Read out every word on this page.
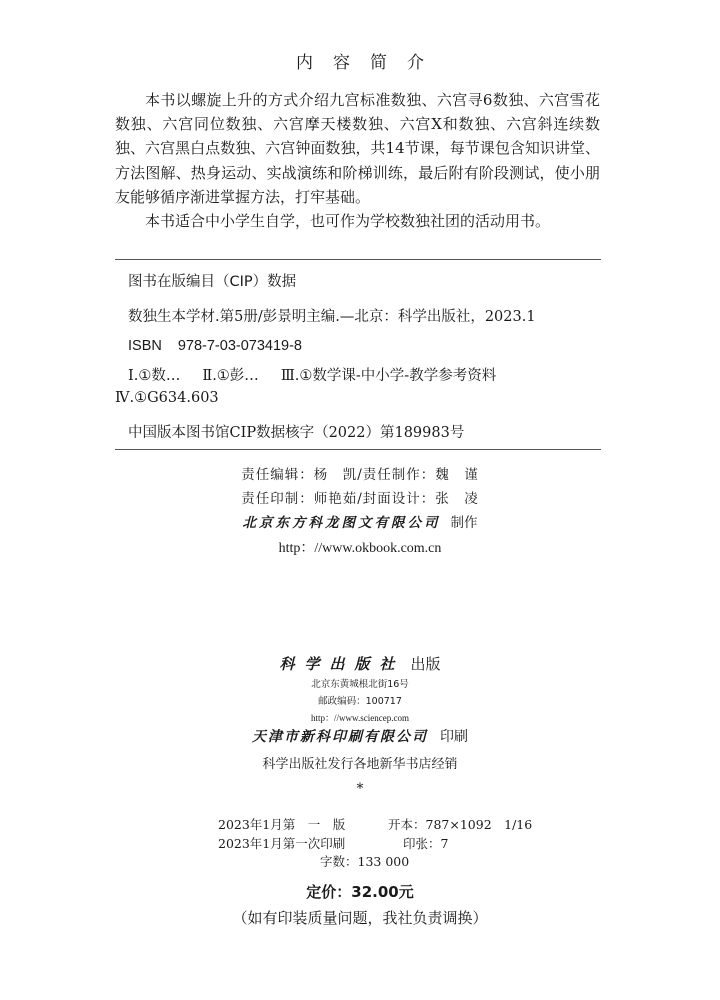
内容简介

本书以螺旋上升的方式介绍九宫标准数独、六宫寻6数独、六宫雪花数独、六宫同位数独、六宫摩天楼数独、六宫X和数独、六宫斜连续数独、六宫黑白点数独、六宫钟面数独，共14节课，每节课包含知识讲堂、方法图解、热身运动、实战演练和阶梯训练，最后附有阶段测试，使小朋友能够循序渐进掌握方法，打牢基础。

本书适合中小学生自学，也可作为学校数独社团的活动用书。

图书在版编目（CIP）数据
数独生本学材.第5册/彭景明主编.—北京：科学出版社，2023.1
ISBN 978-7-03-073419-8
Ⅰ.①数… Ⅱ.①彭… Ⅲ.①数学课-中小学-教学参考资料
Ⅳ.①G634.603
中国版本图书馆CIP数据核字（2022）第189983号
责任编辑：杨　凯/责任制作：魏　谨
责任印制：师艳茹/封面设计：张　凌
北京东方科龙图文有限公司 制作
http：//www.okbook.com.cn
科学出版社 出版
北京东黄城根北街16号
邮政编码：100717
http：//www.sciencep.com
天津市新科印刷有限公司 印刷
科学出版社发行各地新华书店经销
*
2023年1月第　一　版
2023年1月第一次印刷
字数：133 000
开本：787×1092　1/16
印张：7
定价：32.00元
（如有印装质量问题，我社负责调换）
